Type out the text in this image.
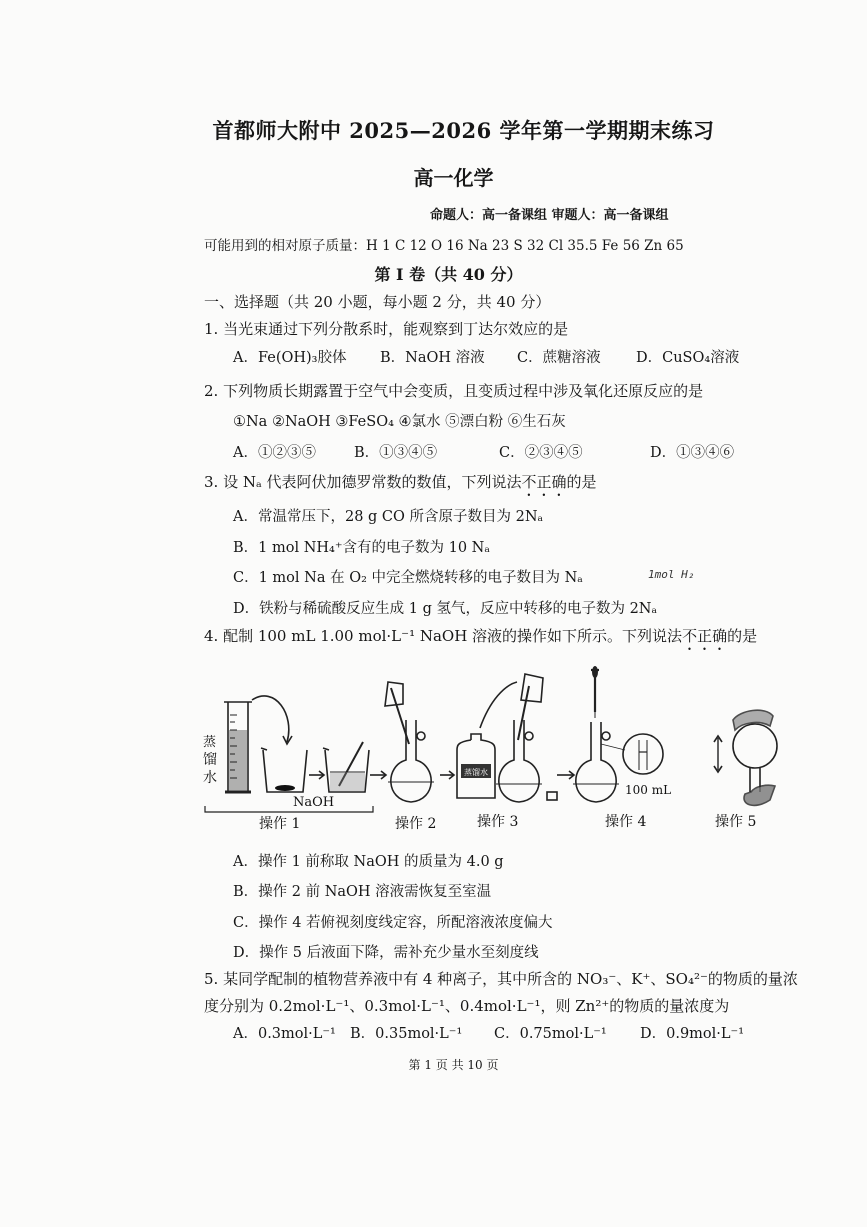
首都师大附中 2025—2026 学年第一学期期末练习
高一化学
命题人：高一备课组 审题人：高一备课组
可能用到的相对原子质量：H 1 C 12 O 16 Na 23 S 32 Cl 35.5 Fe 56 Zn 65
第 I 卷（共 40 分）
一、选择题（共 20 小题，每小题 2 分，共 40 分）
1. 当光束通过下列分散系时，能观察到丁达尔效应的是
A．Fe(OH)₃胶体 B．NaOH 溶液 C．蔗糖溶液 D．CuSO₄溶液
2. 下列物质长期露置于空气中会变质，且变质过程中涉及氧化还原反应的是
①Na ②NaOH ③FeSO₄ ④氯水 ⑤漂白粉 ⑥生石灰
A．①②③⑤	B．①③④⑤	C．②③④⑤	D．①③④⑥
3. 设 Nₐ 代表阿伏加德罗常数的数值，下列说法不正确的是
A．常温常压下，28 g CO 所含原子数目为 2Nₐ
B．1 mol NH₄⁺含有的电子数为 10 Nₐ
C．1 mol Na 在 O₂ 中完全燃烧转移的电子数目为 Nₐ	1mol H₂
D．铁粉与稀硫酸反应生成 1 g 氢气，反应中转移的电子数为 2Nₐ
4. 配制 100 mL 1.00 mol·L⁻¹ NaOH 溶液的操作如下所示。下列说法不正确的是
蒸
馏
水
NaOH
蒸馏水
100 mL
操作 1	操作 2	操作 3	操作 4	操作 5
A．操作 1 前称取 NaOH 的质量为 4.0 g
B．操作 2 前 NaOH 溶液需恢复至室温
C．操作 4 若俯视刻度线定容，所配溶液浓度偏大
D．操作 5 后液面下降，需补充少量水至刻度线
5. 某同学配制的植物营养液中有 4 种离子，其中所含的 NO₃⁻、K⁺、SO₄²⁻的物质的量浓
度分别为 0.2mol·L⁻¹、0.3mol·L⁻¹、0.4mol·L⁻¹，则 Zn²⁺的物质的量浓度为
A．0.3mol·L⁻¹ B．0.35mol·L⁻¹ C．0.75mol·L⁻¹ D．0.9mol·L⁻¹
第 1 页 共 10 页
